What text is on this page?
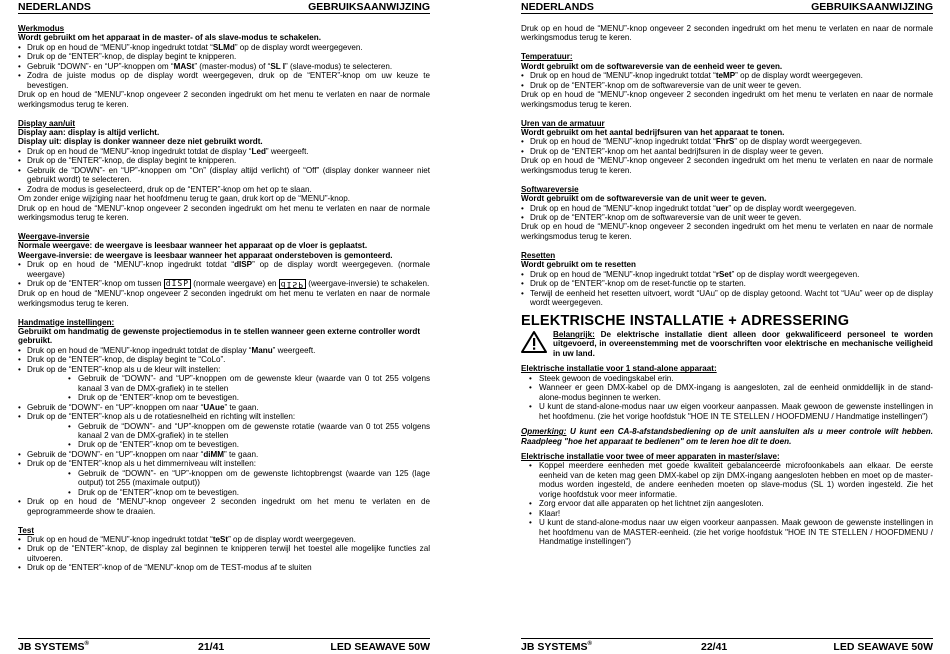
NEDERLANDS	GEBRUIKSAANWIJZING
Werkmodus
Wordt gebruikt om het apparaat in de master- of als slave-modus te schakelen.
• Druk op en houd de “MENU”-knop ingedrukt totdat “SLMd” op de display wordt weergegeven.
• Druk op de “ENTER”-knop, de display begint te knipperen.
• Gebruik “DOWN”- en “UP”-knoppen om “MASt” (master-modus) of “SL I” (slave-modus) te selecteren.
• Zodra de juiste modus op de display wordt weergegeven, druk op de “ENTER”-knop om uw keuze te bevestigen.
Druk op en houd de “MENU”-knop ongeveer 2 seconden ingedrukt om het menu te verlaten en naar de normale werkingsmodus terug te keren.
Display aan/uit
Display aan: display is altijd verlicht.
Display uit: display is donker wanneer deze niet gebruikt wordt.
• Druk op en houd de “MENU”-knop ingedrukt totdat de display “Led” weergeeft.
• Druk op de “ENTER”-knop, de display begint te knipperen.
• Gebruik de “DOWN”- en “UP”-knoppen om “On” (display altijd verlicht) of “Off” (display donker wanneer niet gebruikt wordt) te selecteren.
• Zodra de modus is geselecteerd, druk op de “ENTER”-knop om het op te slaan.
Om zonder enige wijziging naar het hoofdmenu terug te gaan, druk kort op de “MENU”-knop.
Druk op en houd de “MENU”-knop ongeveer 2 seconden ingedrukt om het menu te verlaten en naar de normale werkingsmodus terug te keren.
Weergave-inversie
Normale weergave: de weergave is leesbaar wanneer het apparaat op de vloer is geplaatst.
Weergave-inversie: de weergave is leesbaar wanneer het apparaat ondersteboven is gemonteerd.
• Druk op en houd de “MENU”-knop ingedrukt totdat “dISP” op de display wordt weergegeven. (normale weergave)
• Druk op de “ENTER”-knop om tussen dISP (normale weergave) en dISP (weergave-inversie) te schakelen.
Druk op en houd de “MENU”-knop ongeveer 2 seconden ingedrukt om het menu te verlaten en naar de normale werkingsmodus terug te keren.
Handmatige instellingen:
Gebruikt om handmatig de gewenste projectiemodus in te stellen wanneer geen externe controller wordt gebruikt.
• Druk op en houd de “MENU”-knop ingedrukt totdat de display “Manu” weergeeft.
• Druk op de “ENTER”-knop, de display begint te “CoLo”.
• Druk op de “ENTER”-knop als u de kleur wilt instellen:
• Gebruik de “DOWN”- and “UP”-knoppen om de gewenste kleur (waarde van 0 tot 255 volgens kanaal 3 van de DMX-grafiek) in te stellen
• Druk op de “ENTER”-knop om te bevestigen.
• Gebruik de “DOWN”- en “UP”-knoppen om naar “UAue” te gaan.
• Druk op de “ENTER”-knop als u de rotatiesnelheid en richting wilt instellen:
• Gebruik de “DOWN”- and “UP”-knoppen om de gewenste rotatie (waarde van 0 tot 255 volgens kanaal 2 van de DMX-grafiek) in te stellen
• Druk op de “ENTER”-knop om te bevestigen.
• Gebruik de “DOWN”- en “UP”-knoppen om naar “diMM” te gaan.
• Druk op de “ENTER”-knop als u het dimmerniveau wilt instellen:
• Gebruik de “DOWN”- en “UP”-knoppen om de gewenste lichtopbrengst (waarde van 125 (lage output) tot 255 (maximale output))
• Druk op de “ENTER”-knop om te bevestigen.
• Druk op en houd de “MENU”-knop ongeveer 2 seconden ingedrukt om het menu te verlaten en de geprogrammeerde show te draaien.
Test
• Druk op en houd de “MENU”-knop ingedrukt totdat “teSt” op de display wordt weergegeven.
• Druk op de “ENTER”-knop, de display zal beginnen te knipperen terwijl het toestel alle mogelijke functies zal uitvoeren.
• Druk op de “ENTER”-knop of de “MENU”-knop om de TEST-modus af te sluiten
JB SYSTEMS®	21/41	LED SEAWAVE 50W
NEDERLANDS	GEBRUIKSAANWIJZING
Druk op en houd de “MENU”-knop ongeveer 2 seconden ingedrukt om het menu te verlaten en naar de normale werkingsmodus terug te keren.
Temperatuur:
Wordt gebruikt om de softwareversie van de eenheid weer te geven.
• Druk op en houd de “MENU”-knop ingedrukt totdat “teMP” op de display wordt weergegeven.
• Druk op de “ENTER”-knop om de softwareversie van de unit weer te geven.
Druk op en houd de “MENU”-knop ongeveer 2 seconden ingedrukt om het menu te verlaten en naar de normale werkingsmodus terug te keren.
Uren van de armatuur
Wordt gebruikt om het aantal bedrijfsuren van het apparaat te tonen.
• Druk op en houd de “MENU”-knop ingedrukt totdat “FhrS” op de display wordt weergegeven.
• Druk op de “ENTER”-knop om het aantal bedrijfsuren in de display weer te geven.
Druk op en houd de “MENU”-knop ongeveer 2 seconden ingedrukt om het menu te verlaten en naar de normale werkingsmodus terug te keren.
Softwareversie
Wordt gebruikt om de softwareversie van de unit weer te geven.
• Druk op en houd de “MENU”-knop ingedrukt totdat “uer” op de display wordt weergegeven.
• Druk op de “ENTER”-knop om de softwareversie van de unit weer te geven.
Druk op en houd de “MENU”-knop ongeveer 2 seconden ingedrukt om het menu te verlaten en naar de normale werkingsmodus terug te keren.
Resetten
Wordt gebruikt om te resetten
• Druk op en houd de “MENU”-knop ingedrukt totdat “rSet” op de display wordt weergegeven.
• Druk op de “ENTER”-knop om de reset-functie op te starten.
• Terwijl de eenheid het resetten uitvoert, wordt “UAu” op de display getoond. Wacht tot “UAu” weer op de display wordt weergegeven.
ELEKTRISCHE INSTALLATIE + ADRESSERING
Belangrijk: De elektrische installatie dient alleen door gekwalificeerd personeel te worden uitgevoerd, in overeenstemming met de voorschriften voor elektrische en mechanische veiligheid in uw land.
Elektrische installatie voor 1 stand-alone apparaat:
• Steek gewoon de voedingskabel erin.
• Wanneer er geen DMX-kabel op de DMX-ingang is aangesloten, zal de eenheid onmiddellijk in de stand-alone-modus beginnen te werken.
• U kunt de stand-alone-modus naar uw eigen voorkeur aanpassen. Maak gewoon de gewenste instellingen in het hoofdmenu. (zie het vorige hoofdstuk "HOE IN TE STELLEN / HOOFDMENU / Handmatige instellingen")
Opmerking: U kunt een CA-8-afstandsbediening op de unit aansluiten als u meer controle wilt hebben. Raadpleeg "hoe het apparaat te bedienen" om te leren hoe dit te doen.
Elektrische installatie voor twee of meer apparaten in master/slave:
• Koppel meerdere eenheden met goede kwaliteit gebalanceerde microfoonkabels aan elkaar. De eerste eenheid van de keten mag geen DMX-kabel op zijn DMX-ingang aangesloten hebben en moet op de master-modus worden ingesteld, de andere eenheden moeten op slave-modus (SL 1) worden ingesteld. Zie het vorige hoofdstuk voor meer informatie.
• Zorg ervoor dat alle apparaten op het lichtnet zijn aangesloten.
• Klaar!
• U kunt de stand-alone-modus naar uw eigen voorkeur aanpassen. Maak gewoon de gewenste instellingen in het hoofdmenu van de MASTER-eenheid. (zie het vorige hoofdstuk "HOE IN TE STELLEN / HOOFDMENU / Handmatige instellingen")
JB SYSTEMS®	22/41	LED SEAWAVE 50W
